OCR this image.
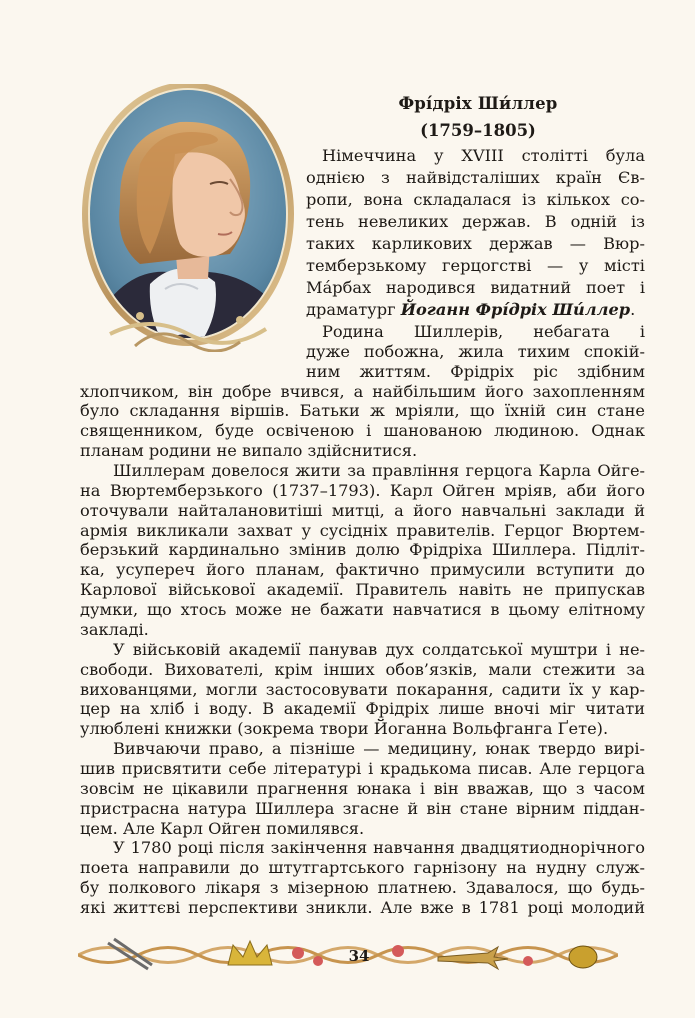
Фрі́дріх Ши́ллер
(1759–1805)
Німеччина у XVIII столітті була
однією з найвідсталіших країн Єв-
ропи, вона складалася із кількох со-
тень невеликих держав. В одній із
таких карликових держав — Вюр-
темберзькому герцогстві — у місті
Ма́рбах народився видатний поет і
драматург Йоганн Фрі́дріх Ши́ллер.
Родина Шиллерів, небагата і
дуже побожна, жила тихим спокій-
ним життям. Фрідріх ріс здібним
хлопчиком, він добре вчився, а найбільшим його захопленням
було складання віршів. Батьки ж мріяли, що їхній син стане
священником, буде освіченою і шанованою людиною. Однак
планам родини не випало здійснитися.
Шиллерам довелося жити за правління герцога Карла Ойге-
на Вюртемберзького (1737–1793). Карл Ойген мріяв, аби його
оточували найталановитіші митці, а його навчальні заклади й
армія викликали захват у сусідніх правителів. Герцог Вюртем-
берзький кардинально змінив долю Фрідріха Шиллера. Підліт-
ка, усупереч його планам, фактично примусили вступити до
Карлової військової академії. Правитель навіть не припускав
думки, що хтось може не бажати навчатися в цьому елітному
закладі.
У військовій академії панував дух солдатської муштри і не-
свободи. Вихователі, крім інших обов’язків, мали стежити за
вихованцями, могли застосовувати покарання, садити їх у кар-
цер на хліб і воду. В академії Фрідріх лише вночі міг читати
улюблені книжки (зокрема твори Йоганна Вольфганга Ґете).
Вивчаючи право, а пізніше — медицину, юнак твердо вирі-
шив присвятити себе літературі і крадькома писав. Але герцога
зовсім не цікавили прагнення юнака і він вважав, що з часом
пристрасна натура Шиллера згасне й він стане вірним піддан-
цем. Але Карл Ойген помилявся.
У 1780 році після закінчення навчання двадцятиоднорічного
поета направили до штутгартського гарнізону на нудну служ-
34
бу полкового лікаря з мізерною платнею. Здавалося, що будь-
які життєві перспективи зникли. Але вже в 1781 році молодий
